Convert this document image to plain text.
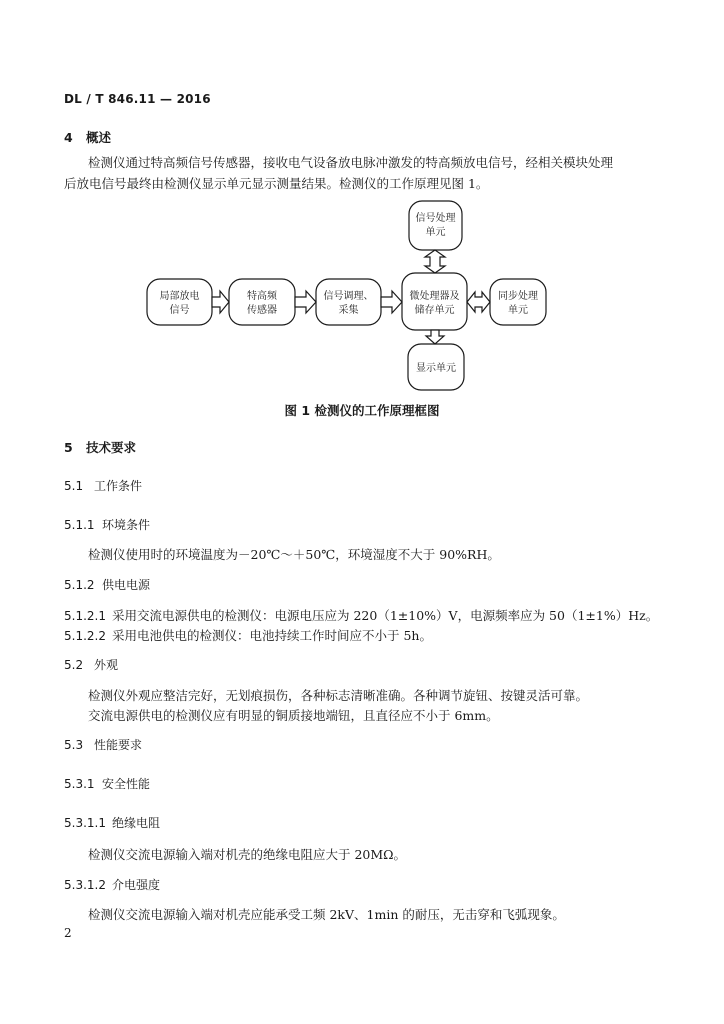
DL / T 846.11 — 2016
4 概述
检测仪通过特高频信号传感器，接收电气设备放电脉冲激发的特高频放电信号，经相关模块处理
后放电信号最终由检测仪显示单元显示测量结果。检测仪的工作原理见图 1。
局部放电
信号
特高频
传感器
信号调理、
采集
微处理器及
储存单元
同步处理
单元
信号处理
单元
显示单元
图 1 检测仪的工作原理框图
5 技术要求
5.1 工作条件
5.1.1 环境条件
检测仪使用时的环境温度为－20℃～＋50℃，环境湿度不大于 90%RH。
5.1.2 供电电源
5.1.2.1 采用交流电源供电的检测仪：电源电压应为 220（1±10%）V，电源频率应为 50（1±1%）Hz。
5.1.2.2 采用电池供电的检测仪：电池持续工作时间应不小于 5h。
5.2 外观
检测仪外观应整洁完好，无划痕损伤，各种标志清晰准确。各种调节旋钮、按键灵活可靠。
交流电源供电的检测仪应有明显的铜质接地端钮，且直径应不小于 6mm。
5.3 性能要求
5.3.1 安全性能
5.3.1.1 绝缘电阻
检测仪交流电源输入端对机壳的绝缘电阻应大于 20MΩ。
5.3.1.2 介电强度
检测仪交流电源输入端对机壳应能承受工频 2kV、1min 的耐压，无击穿和飞弧现象。
2
